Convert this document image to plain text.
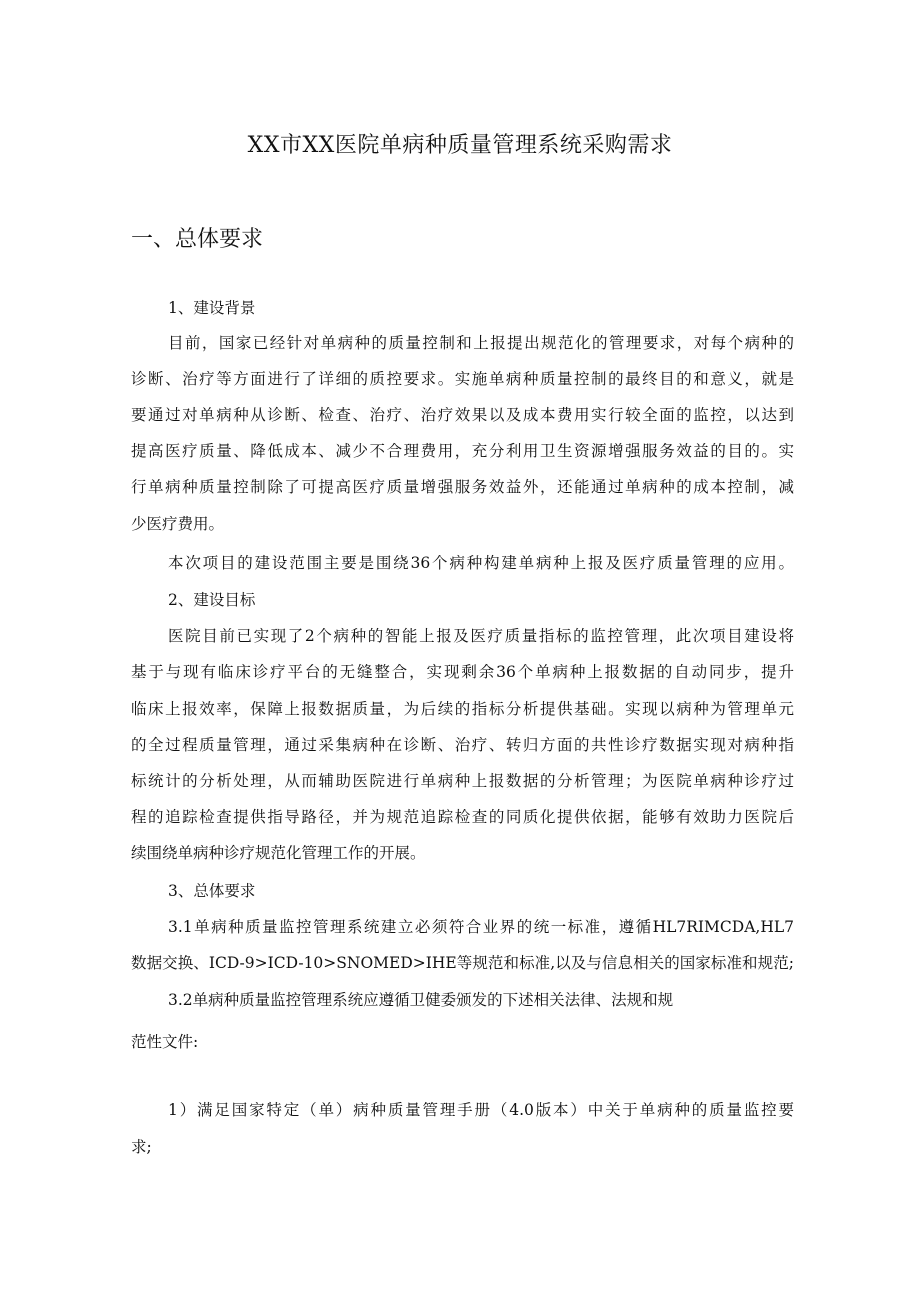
XX市XX医院单病种质量管理系统采购需求
一、总体要求
1、建设背景
目前，国家已经针对单病种的质量控制和上报提出规范化的管理要求，对每个病种的
诊断、治疗等方面进行了详细的质控要求。实施单病种质量控制的最终目的和意义，就是
要通过对单病种从诊断、检查、治疗、治疗效果以及成本费用实行较全面的监控，以达到
提高医疗质量、降低成本、减少不合理费用，充分利用卫生资源增强服务效益的目的。实
行单病种质量控制除了可提高医疗质量增强服务效益外，还能通过单病种的成本控制，减
少医疗费用。
本次项目的建设范围主要是围绕36个病种构建单病种上报及医疗质量管理的应用。
2、建设目标
医院目前已实现了2个病种的智能上报及医疗质量指标的监控管理，此次项目建设将
基于与现有临床诊疗平台的无缝整合，实现剩余36个单病种上报数据的自动同步，提升
临床上报效率，保障上报数据质量，为后续的指标分析提供基础。实现以病种为管理单元
的全过程质量管理，通过采集病种在诊断、治疗、转归方面的共性诊疗数据实现对病种指
标统计的分析处理，从而辅助医院进行单病种上报数据的分析管理；为医院单病种诊疗过
程的追踪检查提供指导路径，并为规范追踪检查的同质化提供依据，能够有效助力医院后
续围绕单病种诊疗规范化管理工作的开展。
3、总体要求
3.1单病种质量监控管理系统建立必须符合业界的统一标准，遵循HL7RIMCDA,HL7
数据交换、ICD-9>ICD-10>SNOMED>IHE等规范和标准,以及与信息相关的国家标准和规范;
3.2单病种质量监控管理系统应遵循卫健委颁发的下述相关法律、法规和规
范性文件:
1）满足国家特定（单）病种质量管理手册（4.0版本）中关于单病种的质量监控要
求;
